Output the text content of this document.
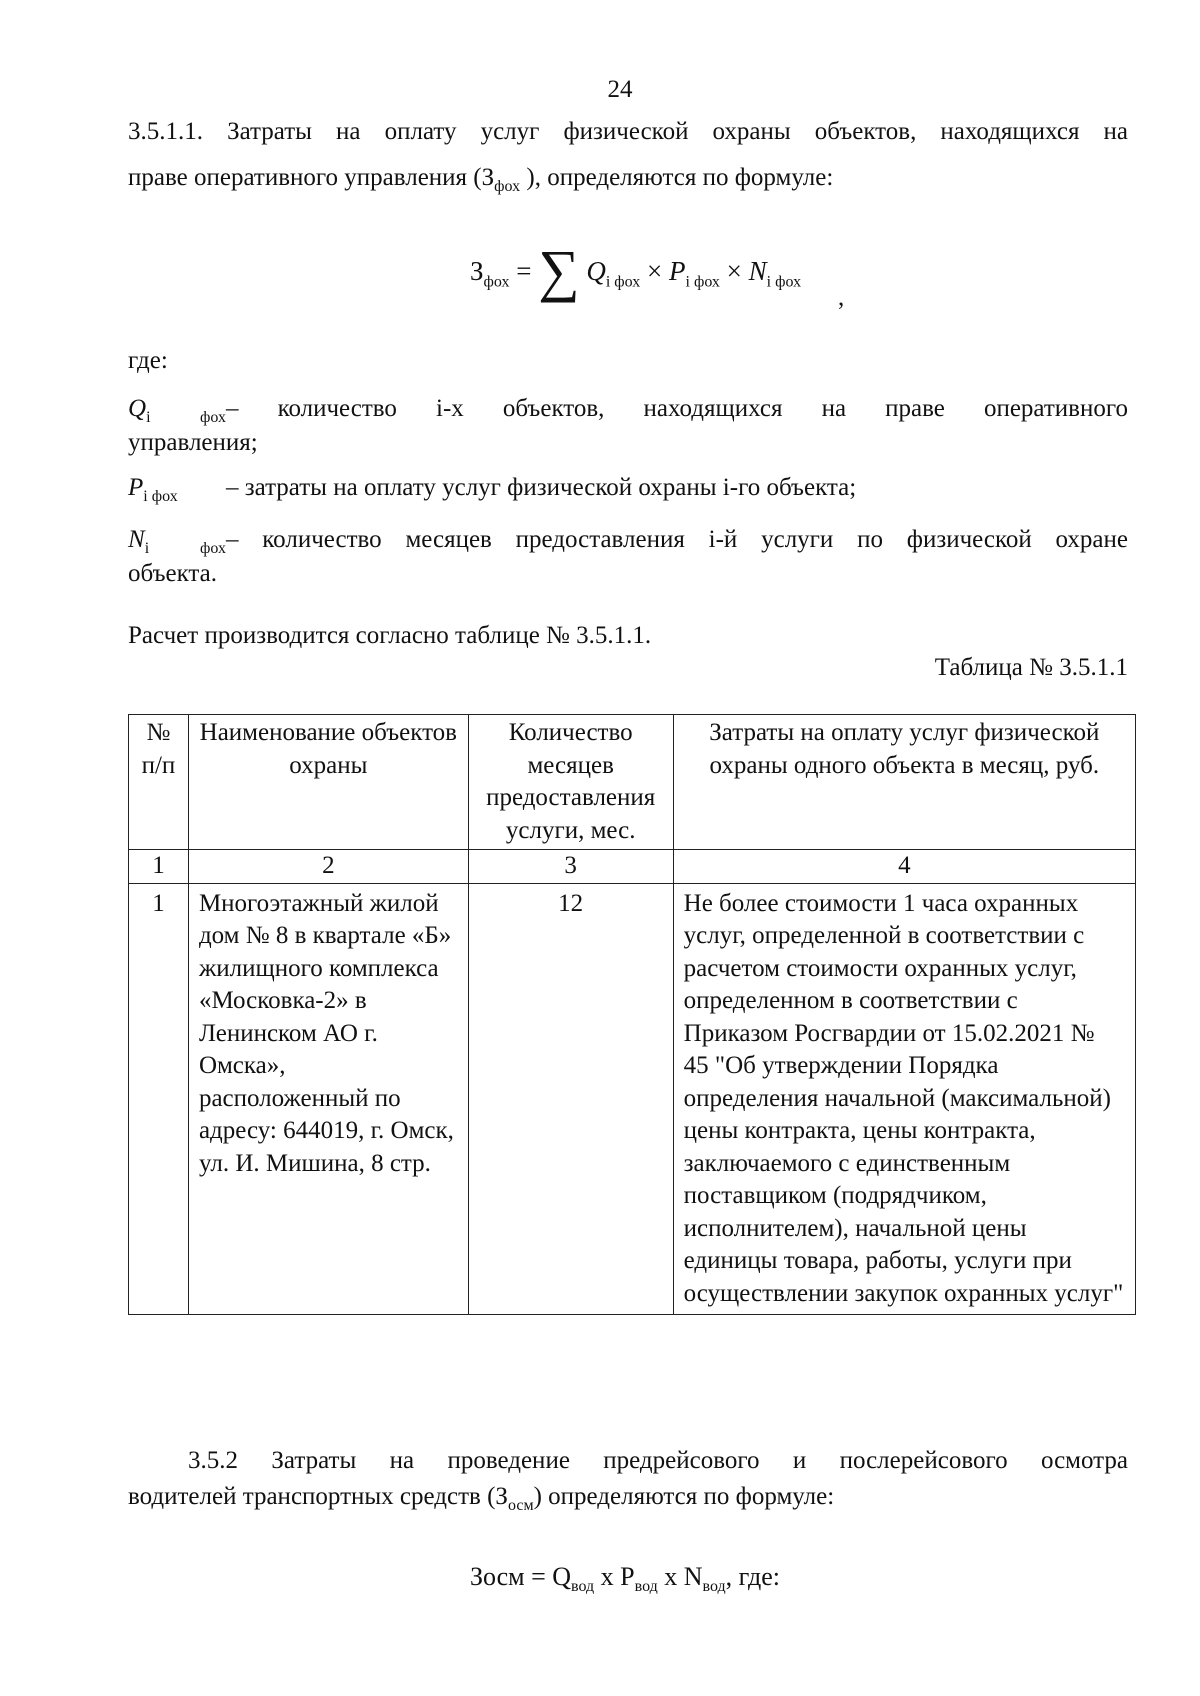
24
3.5.1.1. Затраты на оплату услуг физической охраны объектов, находящихся на
праве оперативного управления ($З_{фох}$ ), определяются по формуле:
$З_{фох}$ = ∑ $Q_{i фох} \times P_{i фох} \times N_{i фох}$
,
где:
$Q_{i фох}-$ количество i-х объектов, находящихся на праве оперативного
управления;
$P_{i фох}$ – затраты на оплату услуг физической охраны i-го объекта;
$N_{i фох}-$ количество месяцев предоставления i-й услуги по физической охране
объекта.
Расчет производится согласно таблице № 3.5.1.1.
Таблица № 3.5.1.1
№ п/п	Наименование объектов охраны	Количество месяцев предоставления услуги, мес.	Затраты на оплату услуг физической охраны одного объекта в месяц, руб.
1	2	3	4
1	Многоэтажный жилой дом № 8 в квартале «Б» жилищного комплекса «Московка-2» в Ленинском АО г. Омска», расположенный по адресу: 644019, г. Омск, ул. И. Мишина, 8 стр.	12	Не более стоимости 1 часа охранных услуг, определенной в соответствии с расчетом стоимости охранных услуг, определенном в соответствии с Приказом Росгвардии от 15.02.2021 № 45 "Об утверждении Порядка определения начальной (максимальной) цены контракта, цены контракта, заключаемого с единственным поставщиком (подрядчиком, исполнителем), начальной цены единицы товара, работы, услуги при осуществлении закупок охранных услуг"
3.5.2 Затраты на проведение предрейсового и послерейсового осмотра
водителей транспортных средств $(З_{осм})$ определяются по формуле:
Зосм = $Q_{вод}$ x $P_{вод}$ x $N_{вод}$, где:
